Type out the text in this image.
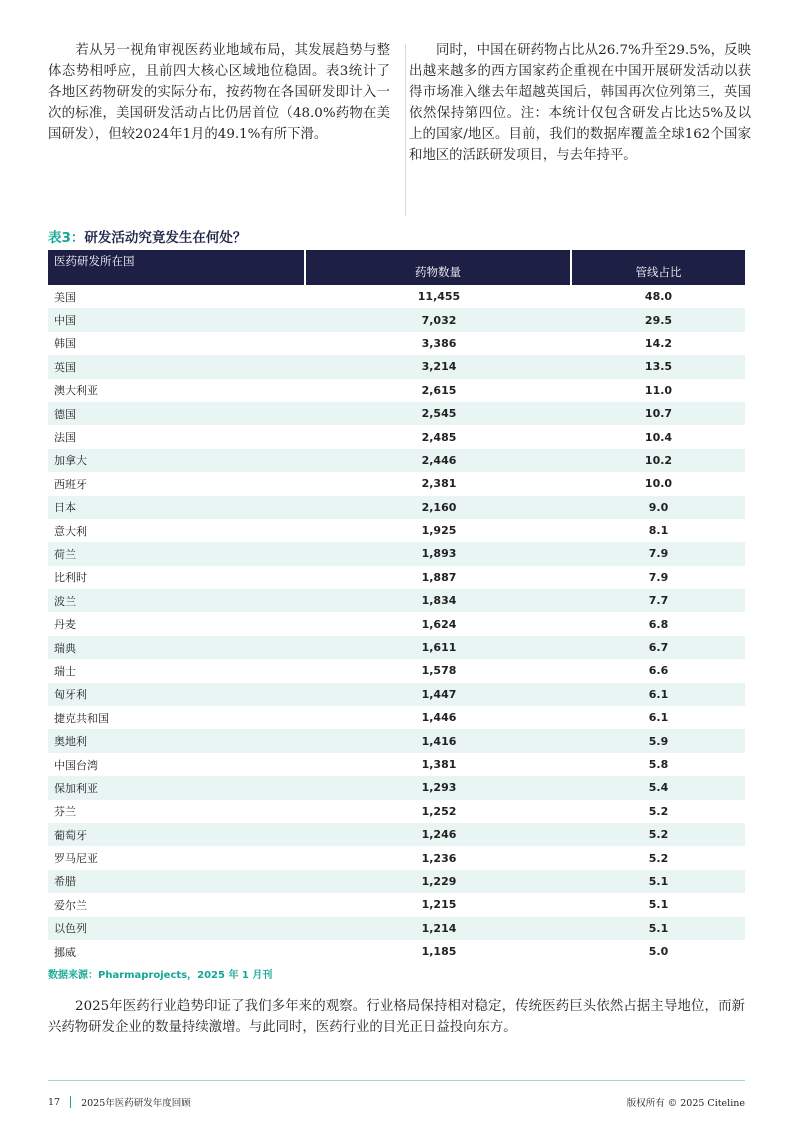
　　若从另一视角审视医药业地域布局，其发展趋势与整体态势相呼应，且前四大核心区域地位稳固。表3统计了各地区药物研发的实际分布，按药物在各国研发即计入一次的标准，美国研发活动占比仍居首位（48.0%药物在美国研发），但较2024年1月的49.1%有所下滑。
　　同时，中国在研药物占比从26.7%升至29.5%，反映出越来越多的西方国家药企重视在中国开展研发活动以获得市场准入继去年超越英国后，韩国再次位列第三，英国依然保持第四位。注：本统计仅包含研发占比达5%及以上的国家/地区。目前，我们的数据库覆盖全球162个国家和地区的活跃研发项目，与去年持平。
表3：研发活动究竟发生在何处？
医药研发所在国	药物数量	管线占比
美国	11,455	48.0
中国	7,032	29.5
韩国	3,386	14.2
英国	3,214	13.5
澳大利亚	2,615	11.0
德国	2,545	10.7
法国	2,485	10.4
加拿大	2,446	10.2
西班牙	2,381	10.0
日本	2,160	9.0
意大利	1,925	8.1
荷兰	1,893	7.9
比利时	1,887	7.9
波兰	1,834	7.7
丹麦	1,624	6.8
瑞典	1,611	6.7
瑞士	1,578	6.6
匈牙利	1,447	6.1
捷克共和国	1,446	6.1
奥地利	1,416	5.9
中国台湾	1,381	5.8
保加利亚	1,293	5.4
芬兰	1,252	5.2
葡萄牙	1,246	5.2
罗马尼亚	1,236	5.2
希腊	1,229	5.1
爱尔兰	1,215	5.1
以色列	1,214	5.1
挪威	1,185	5.0
数据来源：Pharmaprojects，2025 年 1 月刊
　　2025年医药行业趋势印证了我们多年来的观察。行业格局保持相对稳定，传统医药巨头依然占据主导地位，而新兴药物研发企业的数量持续激增。与此同时，医药行业的目光正日益投向东方。
17 2025年医药研发年度回顾	版权所有 © 2025 Citeline
